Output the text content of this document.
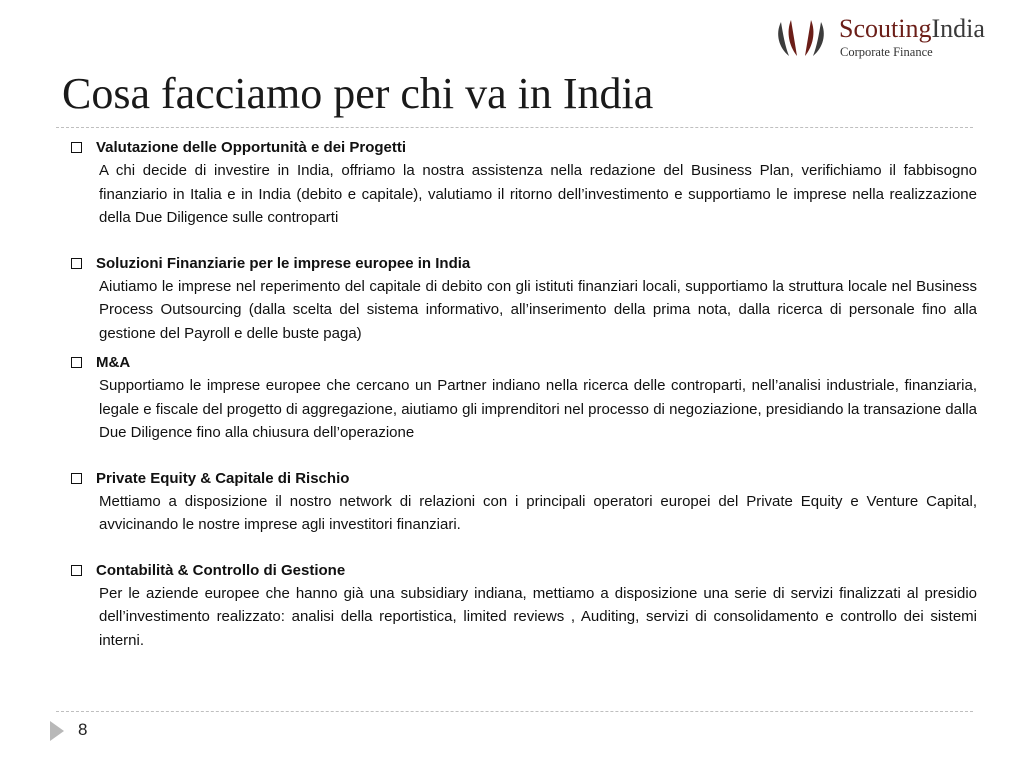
ScoutingIndia
Corporate Finance
Cosa facciamo per chi va in India
Valutazione delle Opportunità e dei Progetti

A chi decide di investire in India, offriamo la nostra assistenza nella redazione del Business Plan, verifichiamo il fabbisogno finanziario in Italia e in India (debito e capitale), valutiamo il ritorno dell’investimento e supportiamo le imprese nella realizzazione della Due Diligence sulle controparti

Soluzioni Finanziarie per le imprese europee in India

Aiutiamo le imprese nel reperimento del capitale di debito con gli istituti finanziari locali, supportiamo la struttura locale nel Business Process Outsourcing (dalla scelta del sistema informativo, all’inserimento della prima nota, dalla ricerca di personale fino alla gestione del Payroll e delle buste paga)

M&A

Supportiamo le imprese europee che cercano un Partner indiano nella ricerca delle controparti, nell’analisi industriale, finanziaria, legale e fiscale del progetto di aggregazione, aiutiamo gli imprenditori nel processo di negoziazione, presidiando la transazione dalla Due Diligence fino alla chiusura dell’operazione

Private Equity & Capitale di Rischio

Mettiamo a disposizione il nostro network di relazioni con i principali operatori europei del Private Equity e Venture Capital, avvicinando le nostre imprese agli investitori finanziari.

Contabilità & Controllo di Gestione

Per le aziende europee che hanno già una subsidiary indiana, mettiamo a disposizione una serie di servizi finalizzati al presidio dell’investimento realizzato: analisi della reportistica, limited reviews , Auditing, servizi di consolidamento e controllo dei sistemi interni.

8
